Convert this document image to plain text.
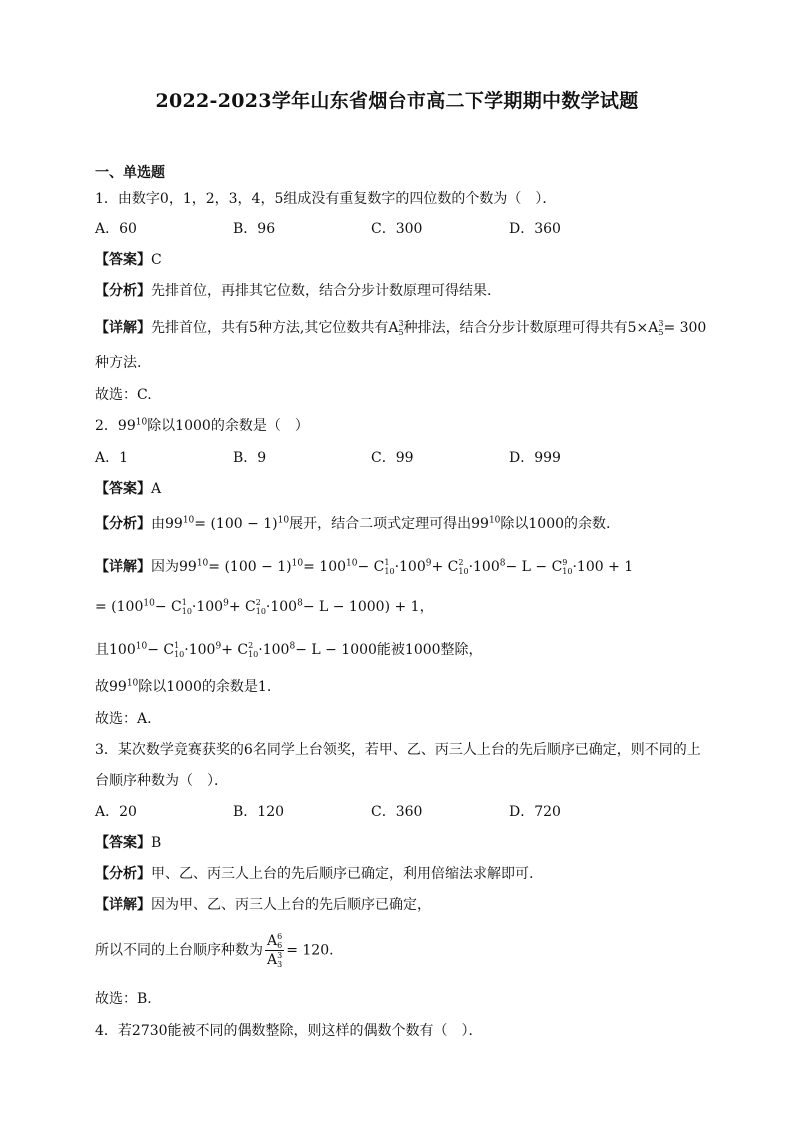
2022-2023学年山东省烟台市高二下学期期中数学试题
一、单选题
1．由数字0，1，2，3，4，5组成没有重复数字的四位数的个数为（　）．
A．60	B．96	C．300	D．360
【答案】C
【分析】先排首位，再排其它位数，结合分步计数原理可得结果.
【详解】先排首位，共有5种方法,其它位数共有A 3
5 种排法，结合分步计数原理可得共有5×A 3
5 = 300
种方法.
故选：C.
2．$99^{10}$除以1000的余数是（　）
A．1	B．9	C．99	D．999
【答案】A
【分析】由$99^{10}= (100 - 1)^{10}$展开，结合二项式定理可得出$99^{10}$除以1000的余数.
【详解】因为$99^{10}= (100 - 1)^{10}= 100^{10}- C$ 1
$10 \cdot 100^9+ C$ 2
$10 \cdot 100^8- L - C$ 9
10 ·100 + 1
= ($100^{10}- C$ 1
$10 \cdot 100^9+ C$ 2
$10 \cdot 100^8- L - 1000) + 1$，
且$100^{10}- C$ 1
$10 \cdot 100^9+ C$ 2
$10 \cdot 100^8- L - 1000$能被1000整除，
故$99^{10}$除以1000的余数是1.
故选：A.
3．某次数学竞赛获奖的6名同学上台领奖，若甲、乙、丙三人上台的先后顺序已确定，则不同的上
台顺序种数为（　）．
A．20	B．120	C．360	D．720
【答案】B
【分析】甲、乙、丙三人上台的先后顺序已确定，利用倍缩法求解即可.
【详解】因为甲、乙、丙三人上台的先后顺序已确定，
所以不同的上台顺序种数为 A 6
6
A 3
3 = 120.
故选：B.
4．若2730能被不同的偶数整除，则这样的偶数个数有（　）．
